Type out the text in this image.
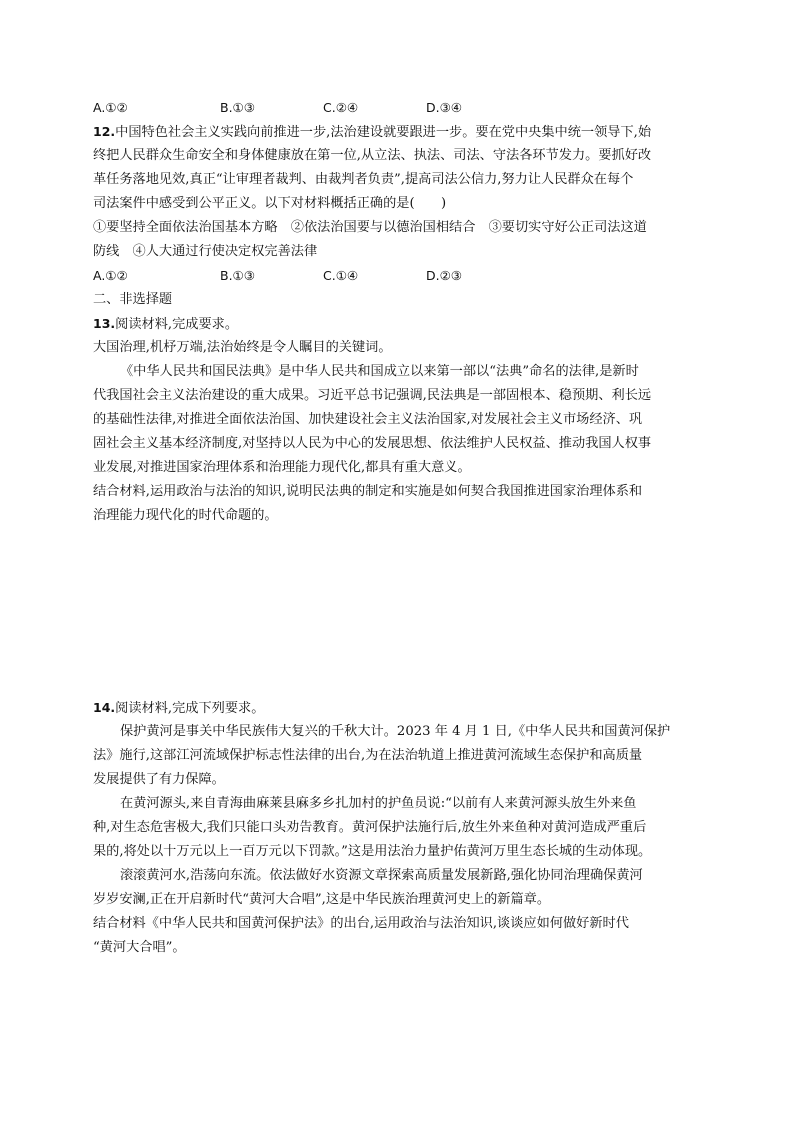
A.①②	B.①③	C.②④	D.③④
12.中国特色社会主义实践向前推进一步,法治建设就要跟进一步。要在党中央集中统一领导下,始
终把人民群众生命安全和身体健康放在第一位,从立法、执法、司法、守法各环节发力。要抓好改
革任务落地见效,真正“让审理者裁判、由裁判者负责”,提高司法公信力,努力让人民群众在每个
司法案件中感受到公平正义。以下对材料概括正确的是(　　)
①要坚持全面依法治国基本方略　②依法治国要与以德治国相结合　③要切实守好公正司法这道
防线　④人大通过行使决定权完善法律
A.①②	B.①③	C.①④	D.②③
二、非选择题
13.阅读材料,完成要求。
大国治理,机杼万端,法治始终是令人瞩目的关键词。
《中华人民共和国民法典》是中华人民共和国成立以来第一部以“法典”命名的法律,是新时
代我国社会主义法治建设的重大成果。习近平总书记强调,民法典是一部固根本、稳预期、利长远
的基础性法律,对推进全面依法治国、加快建设社会主义法治国家,对发展社会主义市场经济、巩
固社会主义基本经济制度,对坚持以人民为中心的发展思想、依法维护人民权益、推动我国人权事
业发展,对推进国家治理体系和治理能力现代化,都具有重大意义。
结合材料,运用政治与法治的知识,说明民法典的制定和实施是如何契合我国推进国家治理体系和
治理能力现代化的时代命题的。
14.阅读材料,完成下列要求。
保护黄河是事关中华民族伟大复兴的千秋大计。2023 年 4 月 1 日,《中华人民共和国黄河保护
法》施行,这部江河流域保护标志性法律的出台,为在法治轨道上推进黄河流域生态保护和高质量
发展提供了有力保障。
在黄河源头,来自青海曲麻莱县麻多乡扎加村的护鱼员说:“以前有人来黄河源头放生外来鱼
种,对生态危害极大,我们只能口头劝告教育。黄河保护法施行后,放生外来鱼种对黄河造成严重后
果的,将处以十万元以上一百万元以下罚款。”这是用法治力量护佑黄河万里生态长城的生动体现。
滚滚黄河水,浩荡向东流。依法做好水资源文章探索高质量发展新路,强化协同治理确保黄河
岁岁安澜,正在开启新时代“黄河大合唱”,这是中华民族治理黄河史上的新篇章。
结合材料《中华人民共和国黄河保护法》的出台,运用政治与法治知识,谈谈应如何做好新时代
“黄河大合唱”。
